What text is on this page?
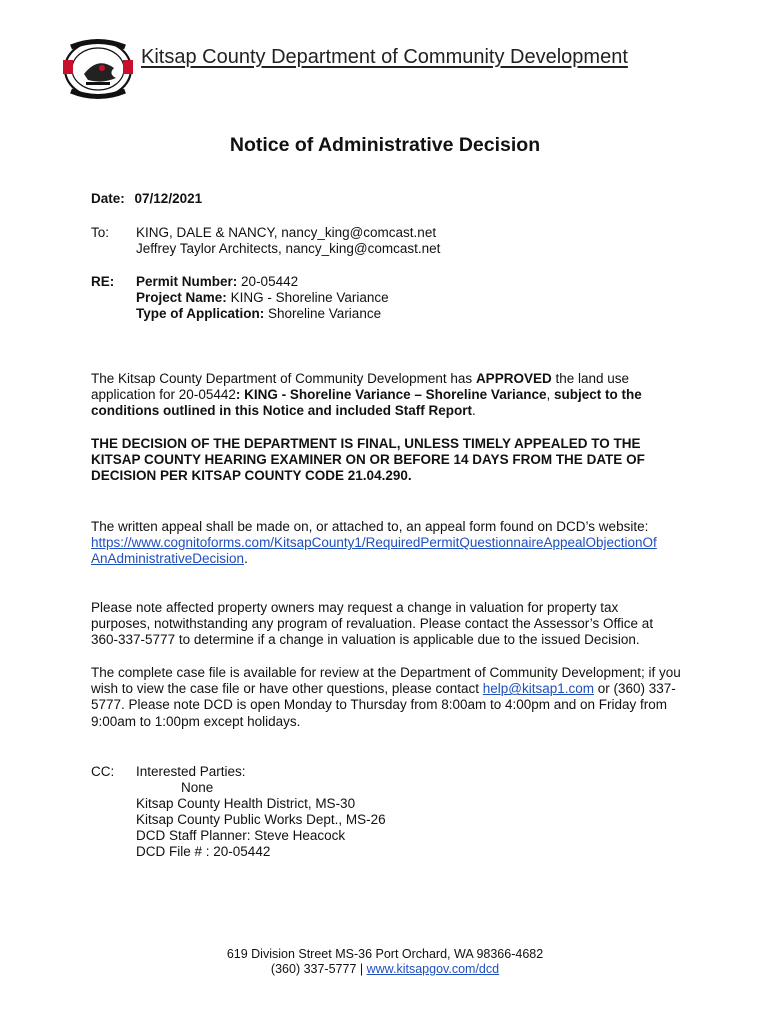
Kitsap County Department of Community Development
Notice of Administrative Decision
Date: 07/12/2021
To: KING, DALE & NANCY, nancy_king@comcast.net
Jeffrey Taylor Architects, nancy_king@comcast.net
RE: Permit Number: 20-05442
Project Name: KING - Shoreline Variance
Type of Application: Shoreline Variance
The Kitsap County Department of Community Development has APPROVED the land use application for 20-05442: KING - Shoreline Variance – Shoreline Variance, subject to the conditions outlined in this Notice and included Staff Report.
THE DECISION OF THE DEPARTMENT IS FINAL, UNLESS TIMELY APPEALED TO THE KITSAP COUNTY HEARING EXAMINER ON OR BEFORE 14 DAYS FROM THE DATE OF DECISION PER KITSAP COUNTY CODE 21.04.290.
The written appeal shall be made on, or attached to, an appeal form found on DCD’s website:
https://www.cognitoforms.com/KitsapCounty1/RequiredPermitQuestionnaireAppealObjectionOf
AnAdministrativeDecision.
Please note affected property owners may request a change in valuation for property tax purposes, notwithstanding any program of revaluation. Please contact the Assessor’s Office at 360-337-5777 to determine if a change in valuation is applicable due to the issued Decision.
The complete case file is available for review at the Department of Community Development; if you wish to view the case file or have other questions, please contact help@kitsap1.com or (360) 337-5777. Please note DCD is open Monday to Thursday from 8:00am to 4:00pm and on Friday from 9:00am to 1:00pm except holidays.
CC: Interested Parties:
None
Kitsap County Health District, MS-30
Kitsap County Public Works Dept., MS-26
DCD Staff Planner: Steve Heacock
DCD File # : 20-05442
619 Division Street MS-36 Port Orchard, WA 98366-4682
(360) 337-5777 | www.kitsapgov.com/dcd
